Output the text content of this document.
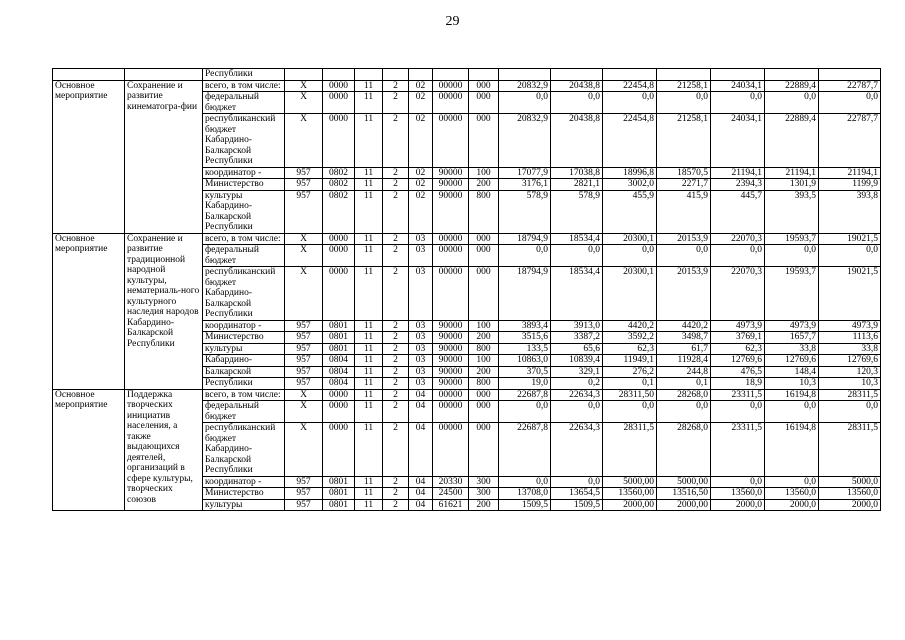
29
		Республики														
Основное мероприятие	Сохранение и развитие кинематогра-фии	всего, в том числе:	Х	0000	11	2	02	00000	000	20832,9	20438,8	22454,8	21258,1	24034,1	22889,4	22787,7
		федеральный бюджет	Х	0000	11	2	02	00000	000	0,0	0,0	0,0	0,0	0,0	0,0	0,0
		республиканский бюджет Кабардино-Балкарской Республики	Х	0000	11	2	02	00000	000	20832,9	20438,8	22454,8	21258,1	24034,1	22889,4	22787,7
		координатор -	957	0802	11	2	02	90000	100	17077,9	17038,8	18996,8	18570,5	21194,1	21194,1	21194,1
		Министерство	957	0802	11	2	02	90000	200	3176,1	2821,1	3002,0	2271,7	2394,3	1301,9	1199,9
		культуры Кабардино-Балкарской Республики	957	0802	11	2	02	90000	800	578,9	578,9	455,9	415,9	445,7	393,5	393,8
Основное мероприятие	Сохранение и развитие традиционной народной культуры, нематериаль-ного культурного наследия народов Кабардино-Балкарской Республики	всего, в том числе:	Х	0000	11	2	03	00000	000	18794,9	18534,4	20300,1	20153,9	22070,3	19593,7	19021,5
		федеральный бюджет	Х	0000	11	2	03	00000	000	0,0	0,0	0,0	0,0	0,0	0,0	0,0
		республиканский бюджет Кабардино-Балкарской Республики	Х	0000	11	2	03	00000	000	18794,9	18534,4	20300,1	20153,9	22070,3	19593,7	19021,5
		координатор -	957	0801	11	2	03	90000	100	3893,4	3913,0	4420,2	4420,2	4973,9	4973,9	4973,9
		Министерство	957	0801	11	2	03	90000	200	3515,6	3387,2	3592,2	3498,7	3769,1	1657,7	1113,6
		культуры	957	0801	11	2	03	90000	800	133,5	65,6	62,3	61,7	62,3	33,8	33,8
		Кабардино-	957	0804	11	2	03	90000	100	10863,0	10839,4	11949,1	11928,4	12769,6	12769,6	12769,6
		Балкарской	957	0804	11	2	03	90000	200	370,5	329,1	276,2	244,8	476,5	148,4	120,3
		Республики	957	0804	11	2	03	90000	800	19,0	0,2	0,1	0,1	18,9	10,3	10,3
Основное мероприятие	Поддержка творческих инициатив населения, а также выдающихся деятелей, организаций в сфере культуры, творческих союзов	всего, в том числе:	Х	0000	11	2	04	00000	000	22687,8	22634,3	28311,50	28268,0	23311,5	16194,8	28311,5
		федеральный бюджет	Х	0000	11	2	04	00000	000	0,0	0,0	0,0	0,0	0,0	0,0	0,0
		республиканский бюджет Кабардино-Балкарской Республики	Х	0000	11	2	04	00000	000	22687,8	22634,3	28311,5	28268,0	23311,5	16194,8	28311,5
		координатор -	957	0801	11	2	04	20330	300	0,0	0,0	5000,00	5000,00	0,0	0,0	5000,0
		Министерство	957	0801	11	2	04	24500	300	13708,0	13654,5	13560,00	13516,50	13560,0	13560,0	13560,0
		культуры	957	0801	11	2	04	61621	200	1509,5	1509,5	2000,00	2000,00	2000,0	2000,0	2000,0
